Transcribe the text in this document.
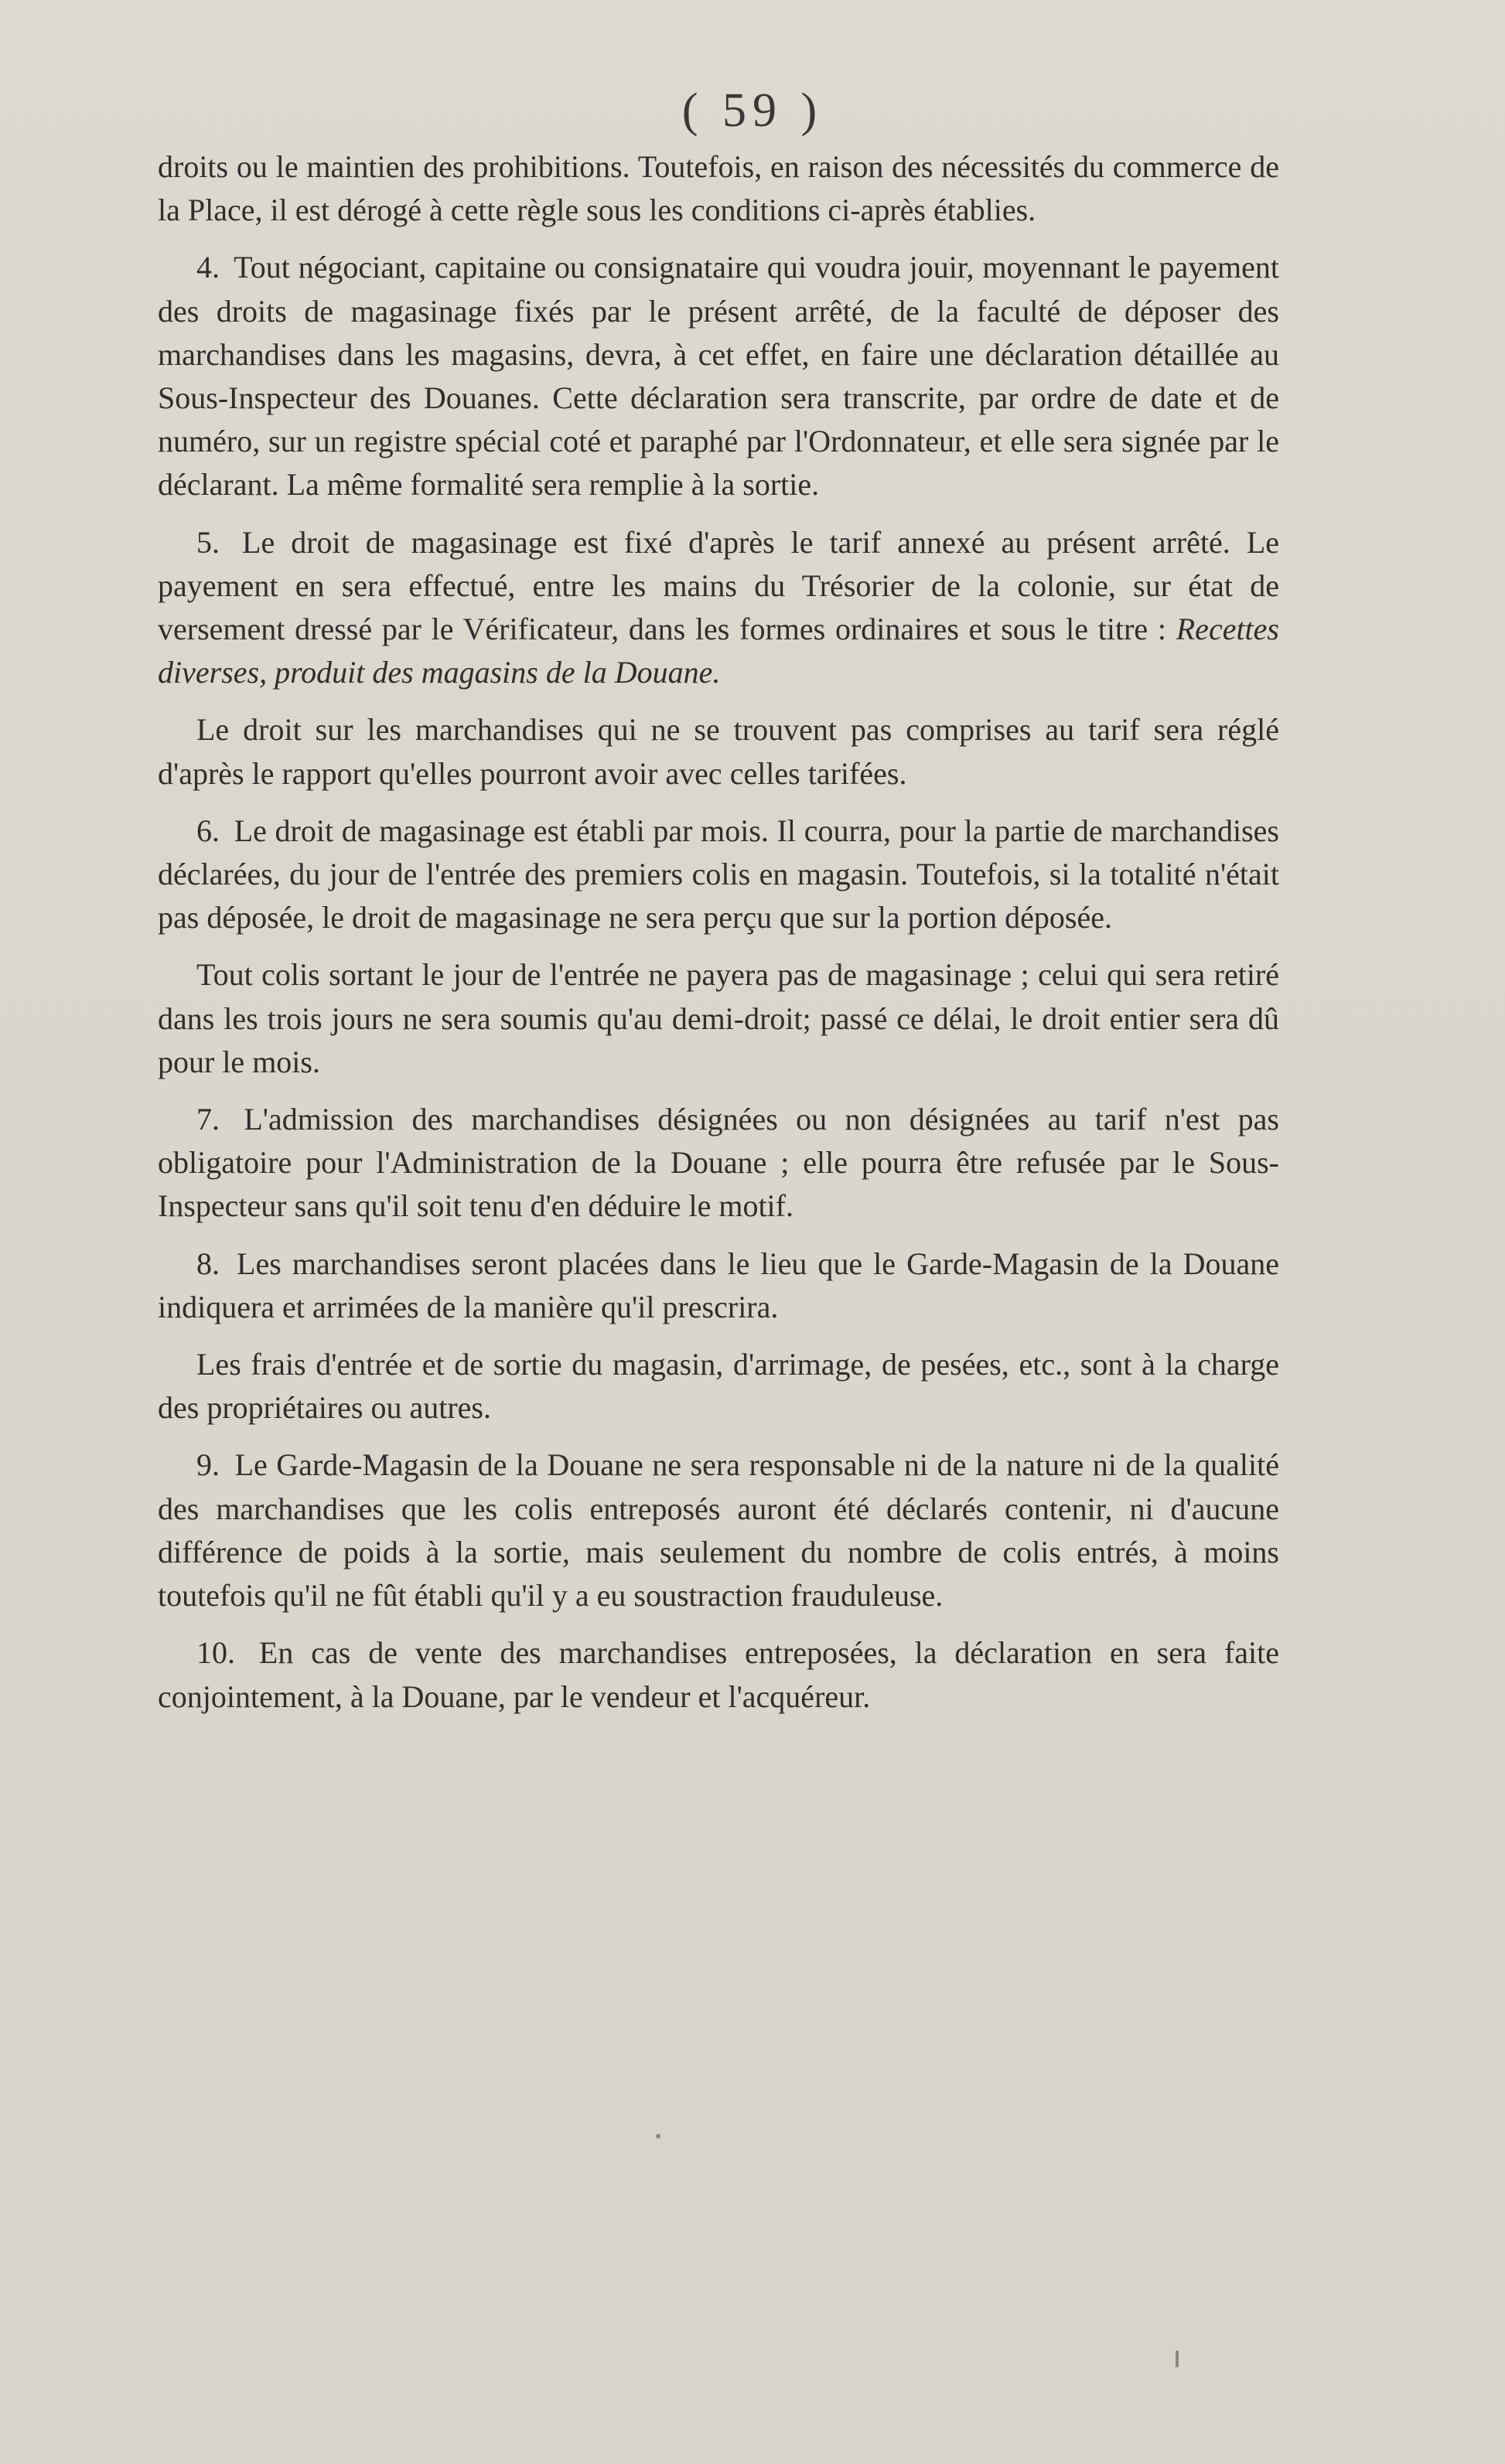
( 59 )

droits ou le maintien des prohibitions. Toutefois, en raison des nécessités du commerce de la Place, il est dérogé à cette règle sous les conditions ci-après établies.

4. Tout négociant, capitaine ou consignataire qui voudra jouir, moyennant le payement des droits de magasinage fixés par le présent arrêté, de la faculté de déposer des marchandises dans les magasins, devra, à cet effet, en faire une déclaration détaillée au Sous-Inspecteur des Douanes. Cette déclaration sera transcrite, par ordre de date et de numéro, sur un registre spécial coté et paraphé par l'Ordonnateur, et elle sera signée par le déclarant. La même formalité sera remplie à la sortie.

5. Le droit de magasinage est fixé d'après le tarif annexé au présent arrêté. Le payement en sera effectué, entre les mains du Trésorier de la colonie, sur état de versement dressé par le Vérificateur, dans les formes ordinaires et sous le titre : Recettes diverses, produit des magasins de la Douane.

Le droit sur les marchandises qui ne se trouvent pas comprises au tarif sera réglé d'après le rapport qu'elles pourront avoir avec celles tarifées.

6. Le droit de magasinage est établi par mois. Il courra, pour la partie de marchandises déclarées, du jour de l'entrée des premiers colis en magasin. Toutefois, si la totalité n'était pas déposée, le droit de magasinage ne sera perçu que sur la portion déposée.

Tout colis sortant le jour de l'entrée ne payera pas de magasinage ; celui qui sera retiré dans les trois jours ne sera soumis qu'au demi-droit; passé ce délai, le droit entier sera dû pour le mois.

7. L'admission des marchandises désignées ou non désignées au tarif n'est pas obligatoire pour l'Administration de la Douane ; elle pourra être refusée par le Sous-Inspecteur sans qu'il soit tenu d'en déduire le motif.

8. Les marchandises seront placées dans le lieu que le Garde-Magasin de la Douane indiquera et arrimées de la manière qu'il prescrira.

Les frais d'entrée et de sortie du magasin, d'arrimage, de pesées, etc., sont à la charge des propriétaires ou autres.

9. Le Garde-Magasin de la Douane ne sera responsable ni de la nature ni de la qualité des marchandises que les colis entreposés auront été déclarés contenir, ni d'aucune différence de poids à la sortie, mais seulement du nombre de colis entrés, à moins toutefois qu'il ne fût établi qu'il y a eu soustraction frauduleuse.

10. En cas de vente des marchandises entreposées, la déclaration en sera faite conjointement, à la Douane, par le vendeur et l'acquéreur.
